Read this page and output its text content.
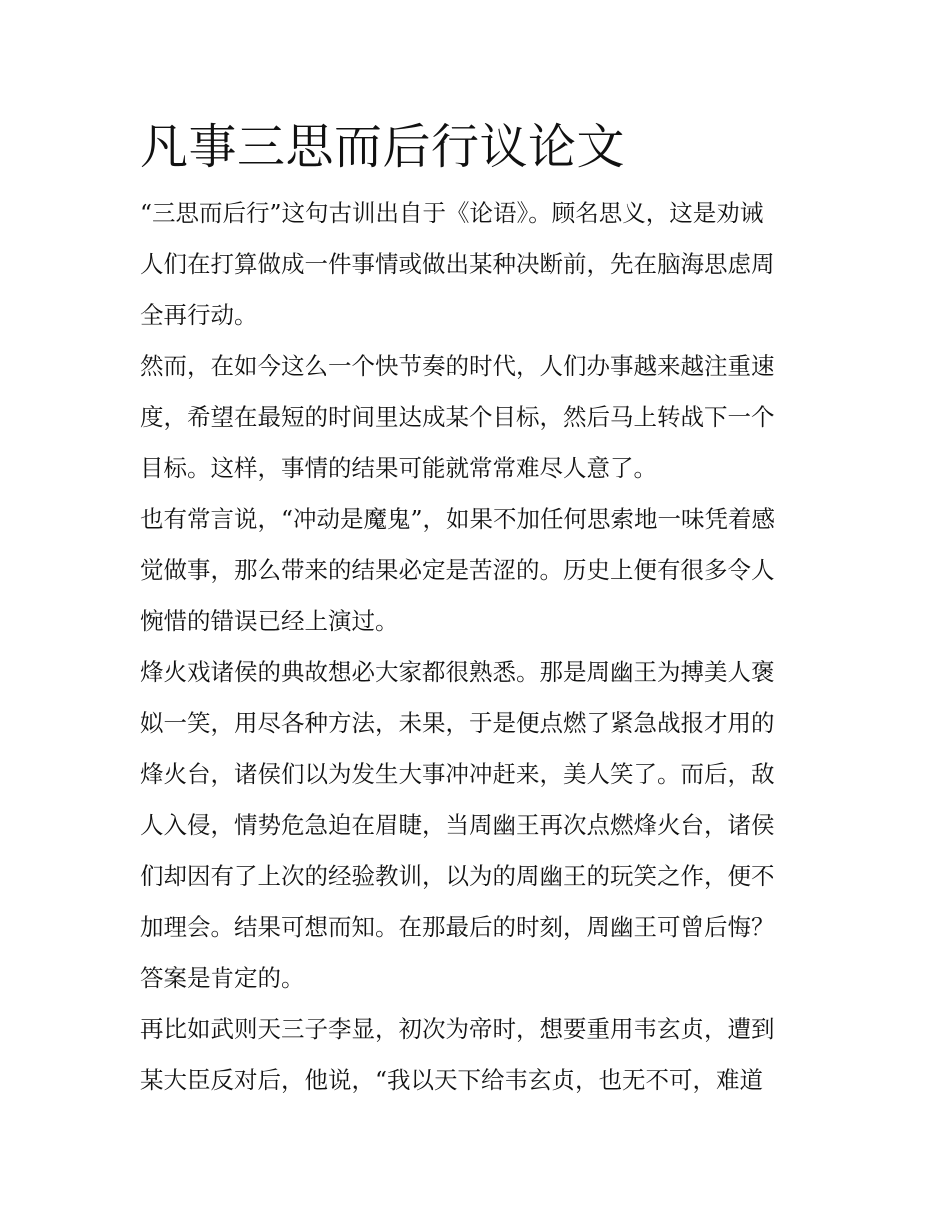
凡事三思而后行议论文
“三思而后行”这句古训出自于《论语》。顾名思义，这是劝诫
人们在打算做成一件事情或做出某种决断前，先在脑海思虑周
全再行动。
然而，在如今这么一个快节奏的时代，人们办事越来越注重速
度，希望在最短的时间里达成某个目标，然后马上转战下一个
目标。这样，事情的结果可能就常常难尽人意了。
也有常言说，“冲动是魔鬼”，如果不加任何思索地一味凭着感
觉做事，那么带来的结果必定是苦涩的。历史上便有很多令人
惋惜的错误已经上演过。
烽火戏诸侯的典故想必大家都很熟悉。那是周幽王为搏美人褒
姒一笑，用尽各种方法，未果，于是便点燃了紧急战报才用的
烽火台，诸侯们以为发生大事冲冲赶来，美人笑了。而后，敌
人入侵，情势危急迫在眉睫，当周幽王再次点燃烽火台，诸侯
们却因有了上次的经验教训，以为的周幽王的玩笑之作，便不
加理会。结果可想而知。在那最后的时刻，周幽王可曾后悔？
答案是肯定的。
再比如武则天三子李显，初次为帝时，想要重用韦玄贞，遭到
某大臣反对后，他说，“我以天下给韦玄贞，也无不可，难道
